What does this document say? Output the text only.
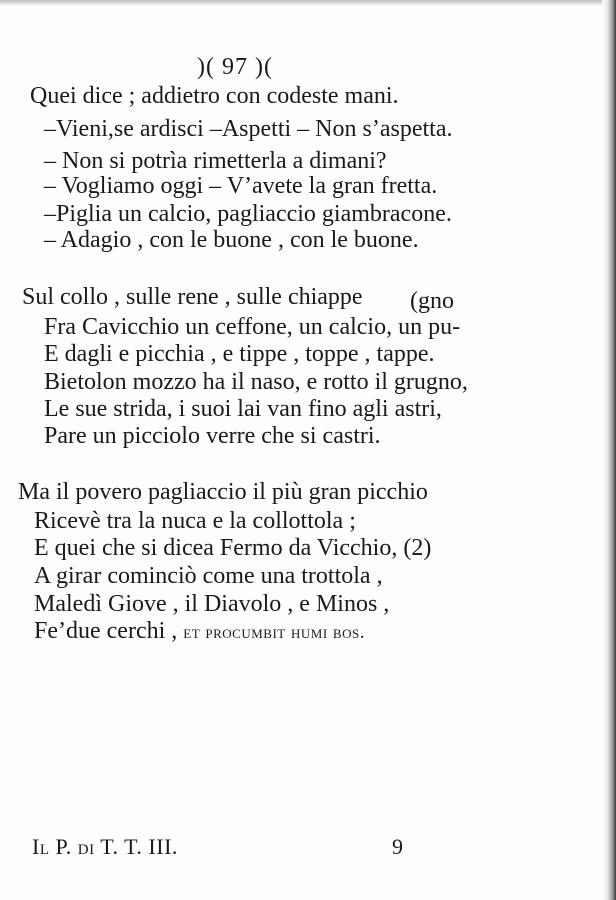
)( 97 )(
Quei dice ; addietro con codeste mani.
–Vieni,se ardisci –Aspetti – Non s’aspetta.
– Non si potrìa rimetterla a dimani?
– Vogliamo oggi – V’avete la gran fretta.
–Piglia un calcio, pagliaccio giambracone.
– Adagio , con le buone , con le buone.
Sul collo , sulle rene , sulle chiappe (gno
Fra Cavicchio un ceffone, un calcio, un pu-
E dagli e picchia , e tippe , toppe , tappe.
Bietolon mozzo ha il naso, e rotto il grugno,
Le sue strida, i suoi lai van fino agli astri,
Pare un picciolo verre che si castri.
Ma il povero pagliaccio il più gran picchio
Ricevè tra la nuca e la collottola ;
E quei che si dicea Fermo da Vicchio, (2)
A girar cominciò come una trottola ,
Maledì Giove , il Diavolo , e Minos ,
Fe’due cerchi , et procumbit humi bos.
Il P. di T. T. III.	9
